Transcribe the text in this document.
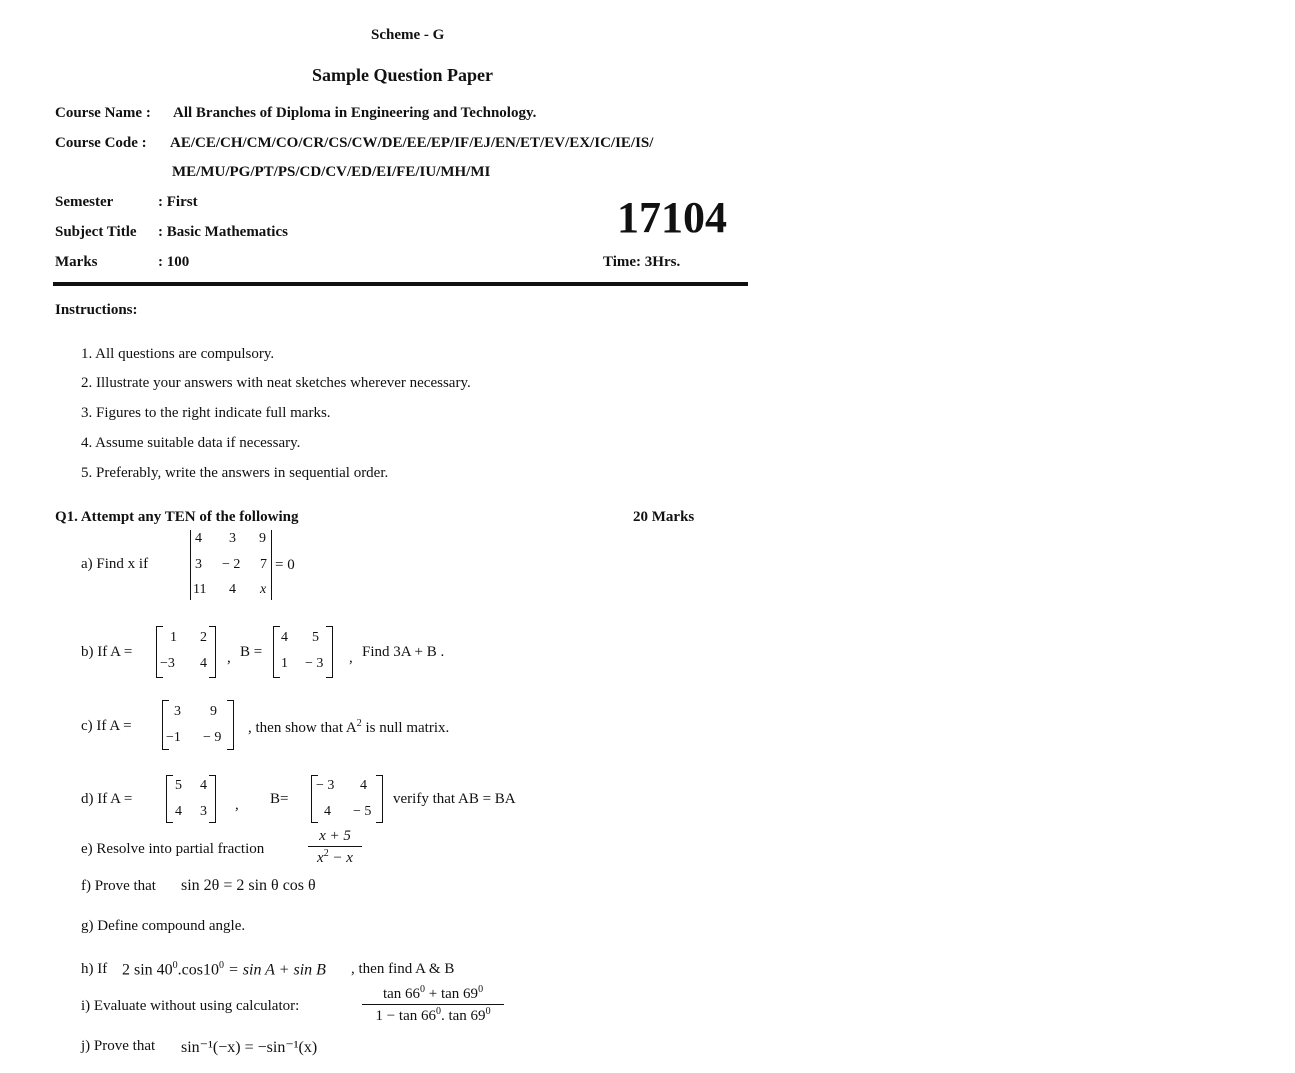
Scheme - G
Sample Question Paper
Course Name : All Branches of Diploma in Engineering and Technology.
Course Code : AE/CE/CH/CM/CO/CR/CS/CW/DE/EE/EP/IF/EJ/EN/ET/EV/EX/IC/IE/IS/
ME/MU/PG/PT/PS/CD/CV/ED/EI/FE/IU/MH/MI
Semester	: First
Subject Title : Basic Mathematics
Marks	: 100
17104
Time: 3Hrs.
Instructions:
1. All questions are compulsory.
2. Illustrate your answers with neat sketches wherever necessary.
3. Figures to the right indicate full marks.
4. Assume suitable data if necessary.
5. Preferably, write the answers in sequential order.
Q1. Attempt any TEN of the following	20 Marks
a) Find x if
4 3 9
3 − 2 7
11 4 x
= 0
b) If A =
1 2
−3 4 , B =
4 5
1 − 3 , Find 3A + B .
c) If A =
3 9
−1 − 9
, then show that $A^2$ is null matrix.
d) If A =
5 4
4 3 , B=
− 3 4
4 − 5
verify that AB = BA
e) Resolve into partial fraction	$\frac{x + 5}{x^2 - x}$
f) Prove that sin 2θ = 2 sin θ cos θ
g) Define compound angle.
h) If 2 $\sin 40^0.\cos 10^0 = \sin A + \sin B$ , then find A & B
i) Evaluate without using calculator:	$\frac{\tan 66^0 + \tan 69^0}{1 - \tan 66^0. \tan 69^0}$
j) Prove that sin⁻¹(−x) = −sin⁻¹(x)
